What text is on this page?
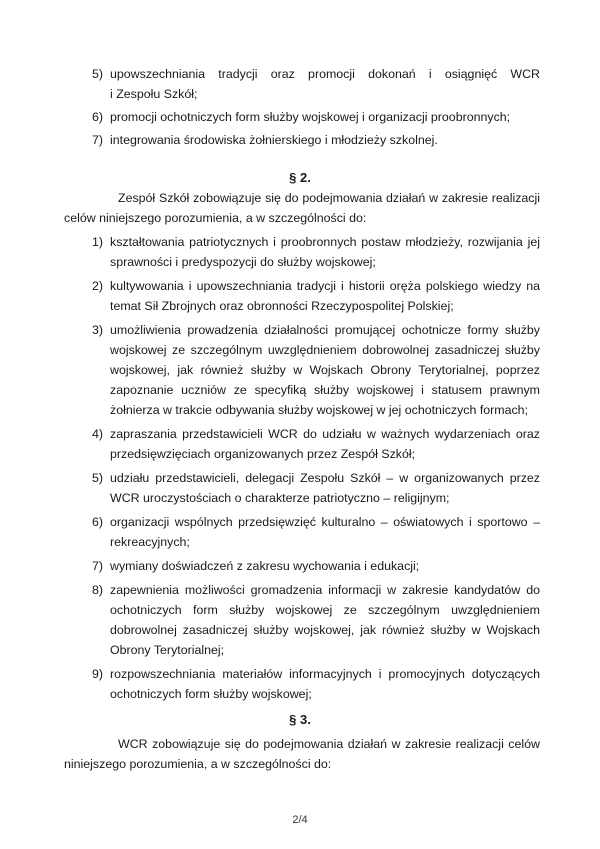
5) upowszechniania tradycji oraz promocji dokonań i osiągnięć WCR
i Zespołu Szkół;
6) promocji ochotniczych form służby wojskowej i organizacji proobronnych;
7) integrowania środowiska żołnierskiego i młodzieży szkolnej.
§ 2.
Zespół Szkół zobowiązuje się do podejmowania działań w zakresie realizacji
celów niniejszego porozumienia, a w szczególności do:
1) kształtowania patriotycznych i proobronnych postaw młodzieży, rozwijania jej
sprawności i predyspozycji do służby wojskowej;
2) kultywowania i upowszechniania tradycji i historii oręża polskiego wiedzy na
temat Sił Zbrojnych oraz obronności Rzeczypospolitej Polskiej;
3) umożliwienia prowadzenia działalności promującej ochotnicze formy służby
wojskowej ze szczególnym uwzględnieniem dobrowolnej zasadniczej służby
wojskowej, jak również służby w Wojskach Obrony Terytorialnej, poprzez
zapoznanie uczniów ze specyfiką służby wojskowej i statusem prawnym
żołnierza w trakcie odbywania służby wojskowej w jej ochotniczych formach;
4) zapraszania przedstawicieli WCR do udziału w ważnych wydarzeniach oraz
przedsięwzięciach organizowanych przez Zespół Szkół;
5) udziału przedstawicieli, delegacji Zespołu Szkół – w organizowanych przez
WCR uroczystościach o charakterze patriotyczno – religijnym;
6) organizacji wspólnych przedsięwzięć kulturalno – oświatowych i sportowo –
rekreacyjnych;
7) wymiany doświadczeń z zakresu wychowania i edukacji;
8) zapewnienia możliwości gromadzenia informacji w zakresie kandydatów do
ochotniczych form służby wojskowej ze szczególnym uwzględnieniem
dobrowolnej zasadniczej służby wojskowej, jak również służby w Wojskach
Obrony Terytorialnej;
9) rozpowszechniania materiałów informacyjnych i promocyjnych dotyczących
ochotniczych form służby wojskowej;
§ 3.
WCR zobowiązuje się do podejmowania działań w zakresie realizacji celów
niniejszego porozumienia, a w szczególności do:
2/4
